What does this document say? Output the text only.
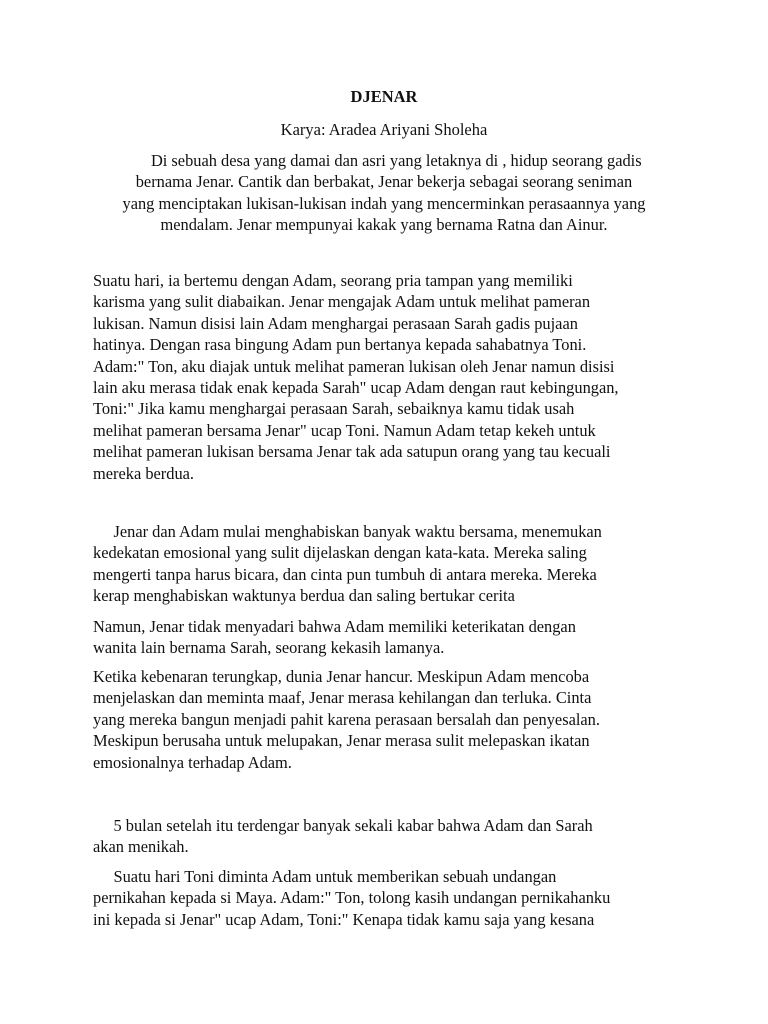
DJENAR

Karya: Aradea Ariyani Sholeha

Di sebuah desa yang damai dan asri yang letaknya di , hidup seorang gadis
bernama Jenar. Cantik dan berbakat, Jenar bekerja sebagai seorang seniman
yang menciptakan lukisan-lukisan indah yang mencerminkan perasaannya yang
mendalam. Jenar mempunyai kakak yang bernama Ratna dan Ainur.

Suatu hari, ia bertemu dengan Adam, seorang pria tampan yang memiliki
karisma yang sulit diabaikan. Jenar mengajak Adam untuk melihat pameran
lukisan. Namun disisi lain Adam menghargai perasaan Sarah gadis pujaan
hatinya. Dengan rasa bingung Adam pun bertanya kepada sahabatnya Toni.
Adam:" Ton, aku diajak untuk melihat pameran lukisan oleh Jenar namun disisi
lain aku merasa tidak enak kepada Sarah" ucap Adam dengan raut kebingungan,
Toni:" Jika kamu menghargai perasaan Sarah, sebaiknya kamu tidak usah
melihat pameran bersama Jenar" ucap Toni. Namun Adam tetap kekeh untuk
melihat pameran lukisan bersama Jenar tak ada satupun orang yang tau kecuali
mereka berdua.

Jenar dan Adam mulai menghabiskan banyak waktu bersama, menemukan
kedekatan emosional yang sulit dijelaskan dengan kata-kata. Mereka saling
mengerti tanpa harus bicara, dan cinta pun tumbuh di antara mereka. Mereka
kerap menghabiskan waktunya berdua dan saling bertukar cerita

Namun, Jenar tidak menyadari bahwa Adam memiliki keterikatan dengan
wanita lain bernama Sarah, seorang kekasih lamanya.

Ketika kebenaran terungkap, dunia Jenar hancur. Meskipun Adam mencoba
menjelaskan dan meminta maaf, Jenar merasa kehilangan dan terluka. Cinta
yang mereka bangun menjadi pahit karena perasaan bersalah dan penyesalan.
Meskipun berusaha untuk melupakan, Jenar merasa sulit melepaskan ikatan
emosionalnya terhadap Adam.

5 bulan setelah itu terdengar banyak sekali kabar bahwa Adam dan Sarah
akan menikah.

Suatu hari Toni diminta Adam untuk memberikan sebuah undangan
pernikahan kepada si Maya. Adam:" Ton, tolong kasih undangan pernikahanku
ini kepada si Jenar" ucap Adam, Toni:" Kenapa tidak kamu saja yang kesana
